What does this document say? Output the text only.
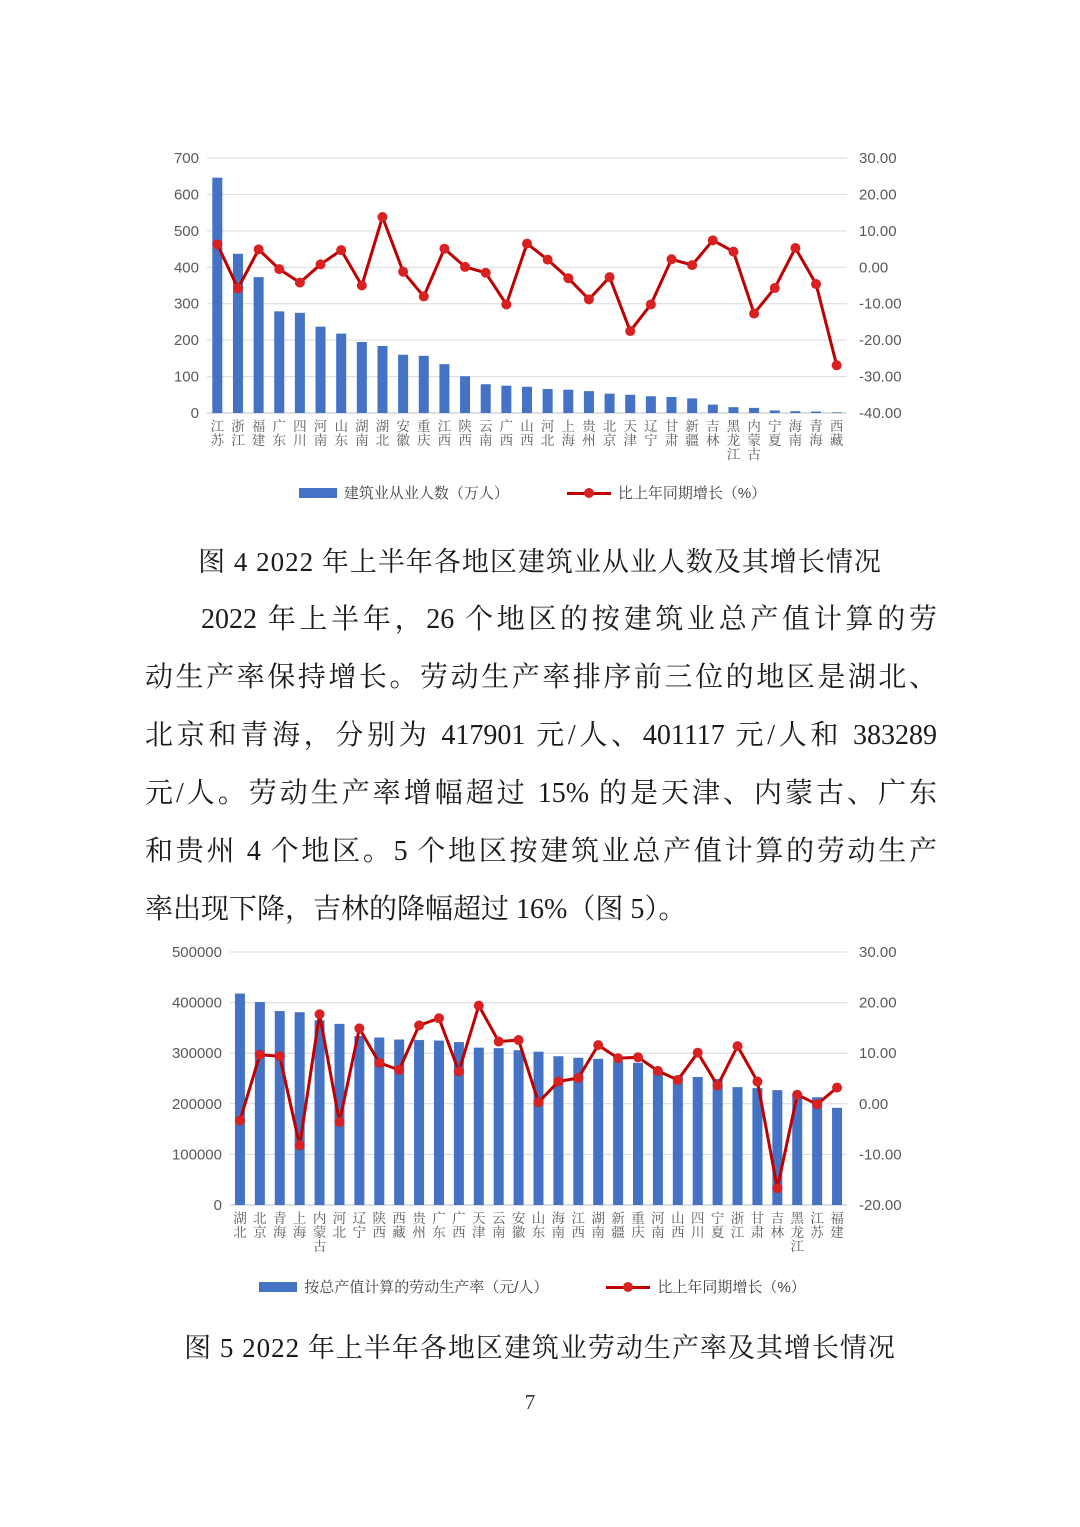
700	30.00
600	20.00
500	10.00
400	0.00
300	-10.00
200	-20.00
100	-30.00
0	-40.00
江苏
浙江
福建
广东
四川
河南
山东
湖南
湖北
安徽
重庆
江西
陕西
云南
广西
山西
河北
上海
贵州
北京
天津
辽宁
甘肃
新疆
吉林
黑龙江
内蒙古
宁夏
海南
青海
西藏
建筑业从业人数（万人）	比上年同期增长（%）
图 4 2022 年上半年各地区建筑业从业人数及其增长情况
2022 年上半年，26 个地区的按建筑业总产值计算的劳
动生产率保持增长。劳动生产率排序前三位的地区是湖北、
北京和青海，分别为 417901 元/人、401117 元/人和 383289
元/人。劳动生产率增幅超过 15% 的是天津、内蒙古、广东
和贵州 4 个地区。5 个地区按建筑业总产值计算的劳动生产
率出现下降，吉林的降幅超过 16%（图 5）。
500000	30.00
400000	20.00
300000	10.00
200000	0.00
100000	-10.00
0	-20.00
湖北
北京
青海
上海
内蒙古
河北
辽宁
陕西
西藏
贵州
广东
广西
天津
云南
安徽
山东
海南
江西
湖南
新疆
重庆
河南
山西
四川
宁夏
浙江
甘肃
吉林
黑龙江
江苏
福建
按总产值计算的劳动生产率（元/人）	比上年同期增长（%）
图 5 2022 年上半年各地区建筑业劳动生产率及其增长情况
7
